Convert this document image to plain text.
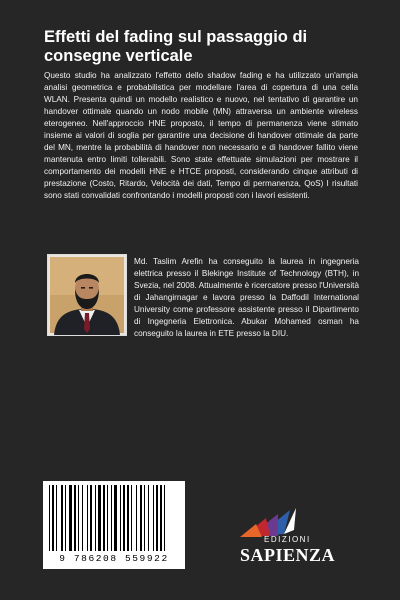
Effetti del fading sul passaggio di consegne verticale

Questo studio ha analizzato l'effetto dello shadow fading e ha utilizzato un'ampia analisi geometrica e probabilistica per modellare l'area di copertura di una cella WLAN. Presenta quindi un modello realistico e nuovo, nel tentativo di garantire un handover ottimale quando un nodo mobile (MN) attraversa un ambiente wireless eterogeneo. Nell'approccio HNE proposto, il tempo di permanenza viene stimato insieme ai valori di soglia per garantire una decisione di handover ottimale da parte del MN, mentre la probabilità di handover non necessario e di handover fallito viene mantenuta entro limiti tollerabili. Sono state effettuate simulazioni per mostrare il comportamento dei modelli HNE e HTCE proposti, considerando cinque attributi di prestazione (Costo, Ritardo, Velocità dei dati, Tempo di permanenza, QoS) I risultati sono stati convalidati confrontando i modelli proposti con i lavori esistenti.

Md. Taslim Arefin ha conseguito la laurea in ingegneria elettrica presso il Blekinge Institute of Technology (BTH), in Svezia, nel 2008. Attualmente è ricercatore presso l'Università di Jahangirnagar e lavora presso la Daffodil International University come professore assistente presso il Dipartimento di Ingegneria Elettronica. Abukar Mohamed osman ha conseguito la laurea in ETE presso la DIU.

9 786208 559922
EDIZIONI
SAPIENZA
